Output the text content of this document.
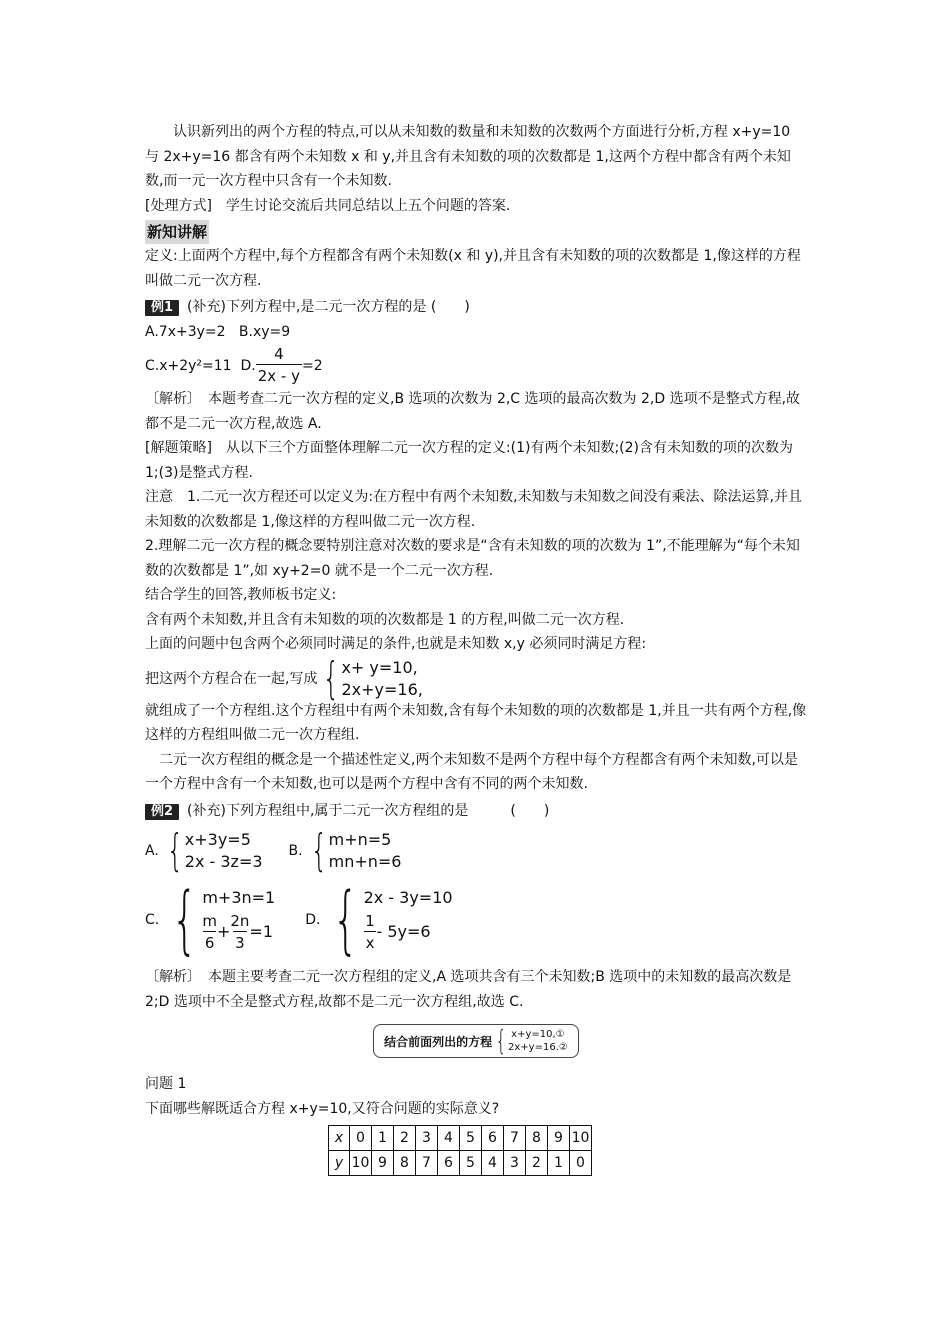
认识新列出的两个方程的特点,可以从未知数的数量和未知数的次数两个方面进行分析,方程 x+y=10 与 2x+y=16 都含有两个未知数 x 和 y,并且含有未知数的项的次数都是 1,这两个方程中都含有两个未知数,而一元一次方程中只含有一个未知数.

[处理方式]　学生讨论交流后共同总结以上五个问题的答案.

新知讲解

定义:上面两个方程中,每个方程都含有两个未知数(x 和 y),并且含有未知数的项的次数都是 1,像这样的方程叫做二元一次方程.

例1 (补充)下列方程中,是二元一次方程的是 (　　)

A.7x+3y=2 B.xy=9

C.x+2y²=11
D. $\frac{4}{2x - y} =2$

〔解析〕　本题考查二元一次方程的定义,B 选项的次数为 2,C 选项的最高次数为 2,D 选项不是整式方程,故都不是二元一次方程,故选 A.

[解题策略]　从以下三个方面整体理解二元一次方程的定义:(1)有两个未知数;(2)含有未知数的项的次数为 1;(3)是整式方程.

注意　1.二元一次方程还可以定义为:在方程中有两个未知数,未知数与未知数之间没有乘法、除法运算,并且未知数的次数都是 1,像这样的方程叫做二元一次方程.

2.理解二元一次方程的概念要特别注意对次数的要求是“含有未知数的项的次数为 1”,不能理解为“每个未知数的次数都是 1”,如 xy+2=0 就不是一个二元一次方程.

结合学生的回答,教师板书定义:

含有两个未知数,并且含有未知数的项的次数都是 1 的方程,叫做二元一次方程.

上面的问题中包含两个必须同时满足的条件,也就是未知数 x,y 必须同时满足方程:

把这两个方程合在一起,写成 { x+ y=10,
2x+y=16,

就组成了一个方程组.这个方程组中有两个未知数,含有每个未知数的项的次数都是 1,并且一共有两个方程,像这样的方程组叫做二元一次方程组.

二元一次方程组的概念是一个描述性定义,两个未知数不是两个方程中每个方程都含有两个未知数,可以是一个方程中含有一个未知数,也可以是两个方程中含有不同的两个未知数.

例2 (补充)下列方程组中,属于二元一次方程组的是　　　(　　)

A. { x+3y=5
2x - 3z=3
B. { m+n=5
mn+n=6
C. { m+3n=1
$\frac{m}{6} + \frac{2n}{3} =1$
D. { 2x - 3y=10
$\frac{1}{x} - 5y=6$

〔解析〕　本题主要考查二元一次方程组的定义,A 选项共含有三个未知数;B 选项中的未知数的最高次数是 2;D 选项中不全是整式方程,故都不是二元一次方程组,故选 C.

结合前面列出的方程 { x+y=10,①
2x+y=16.②

问题 1

下面哪些解既适合方程 x+y=10,又符合问题的实际意义?

x	0	1	2	3	4	5	6	7	8	9	10
y	10	9	8	7	6	5	4	3	2	1	0
